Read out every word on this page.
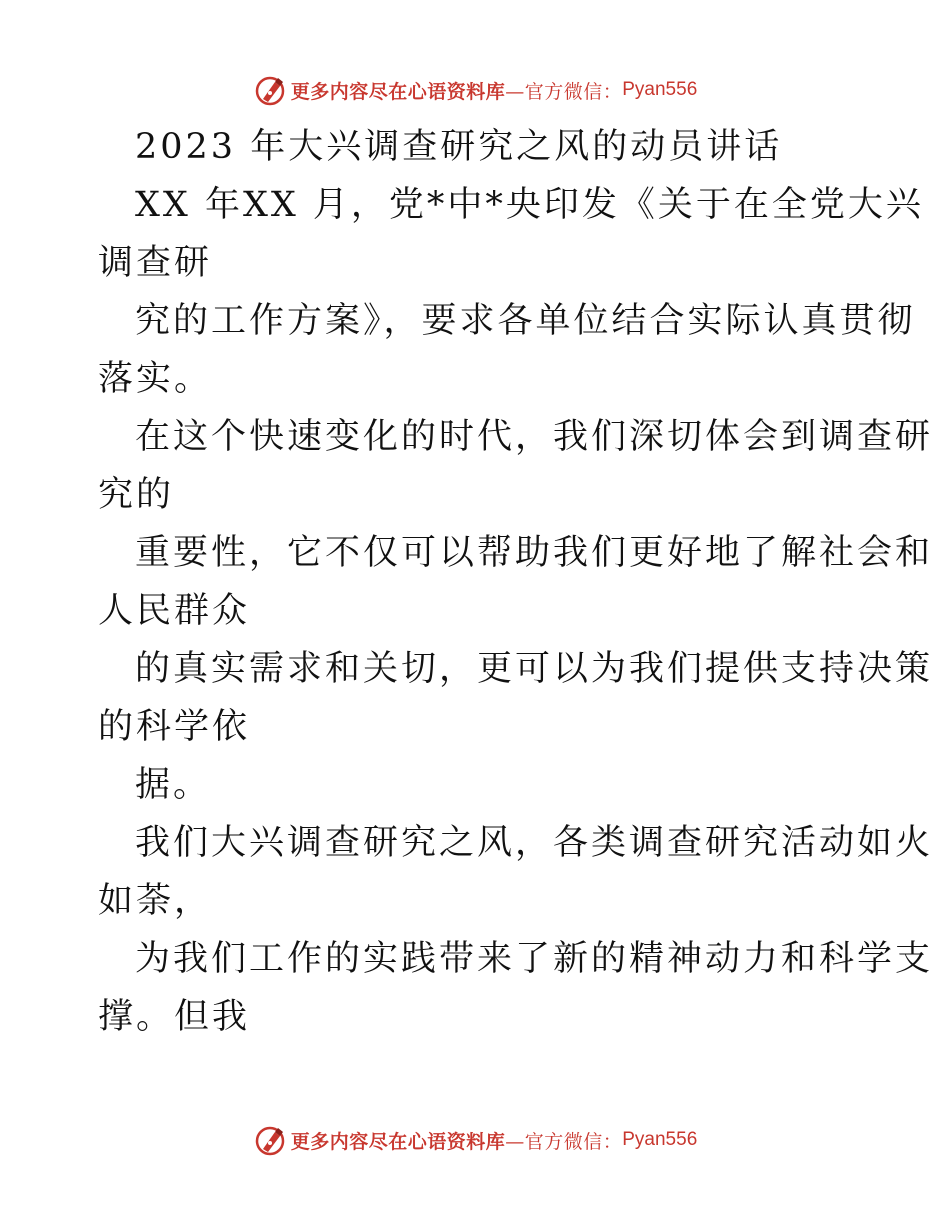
更多内容尽在心语资料库 —官方微信： Pyan556

2023 年大兴调查研究之风的动员讲话

XX 年XX 月，党*中*央印发《关于在全党大兴

调查研

究的工作方案》，要求各单位结合实际认真贯彻

落实。

在这个快速变化的时代，我们深切体会到调查研

究的

重要性，它不仅可以帮助我们更好地了解社会和

人民群众

的真实需求和关切，更可以为我们提供支持决策

的科学依

据。

我们大兴调查研究之风，各类调查研究活动如火

如荼，

为我们工作的实践带来了新的精神动力和科学支

撑。但我

更多内容尽在心语资料库 —官方微信： Pyan556
